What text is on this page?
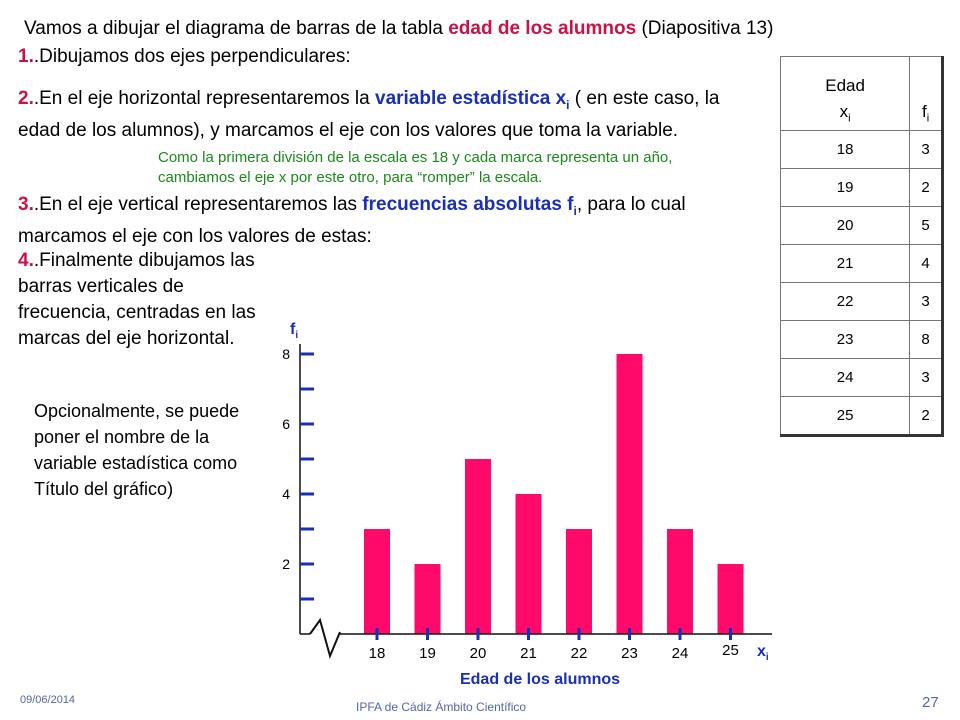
Vamos a dibujar el diagrama de barras de la tabla edad de los alumnos (Diapositiva 13)
1..Dibujamos dos ejes perpendiculares:
2..En el eje horizontal representaremos la variable estadística $x_i$ ( en este caso, la edad de los alumnos), y marcamos el eje con los valores que toma la variable.
Como la primera división de la escala es 18 y cada marca representa un año, cambiamos el eje x por este otro, para “romper” la escala.
3..En el eje vertical representaremos las frecuencias absolutas $f_i$, para lo cual marcamos el eje con los valores de estas:
4..Finalmente dibujamos las barras verticales de frecuencia, centradas en las marcas del eje horizontal.
Opcionalmente, se puede poner el nombre de la variable estadística como Título del gráfico)
Edad
$x_i$	$f_i$
18	3
19	2
20	5
21	4
22	3
23	8
24	3
25	2
2
4
6
8
$f_i$
18 19 20 21 22 23 24 25 $x_i$
Edad de los alumnos
09/06/2014	IPFA de Cádiz Ámbito Científico	27
